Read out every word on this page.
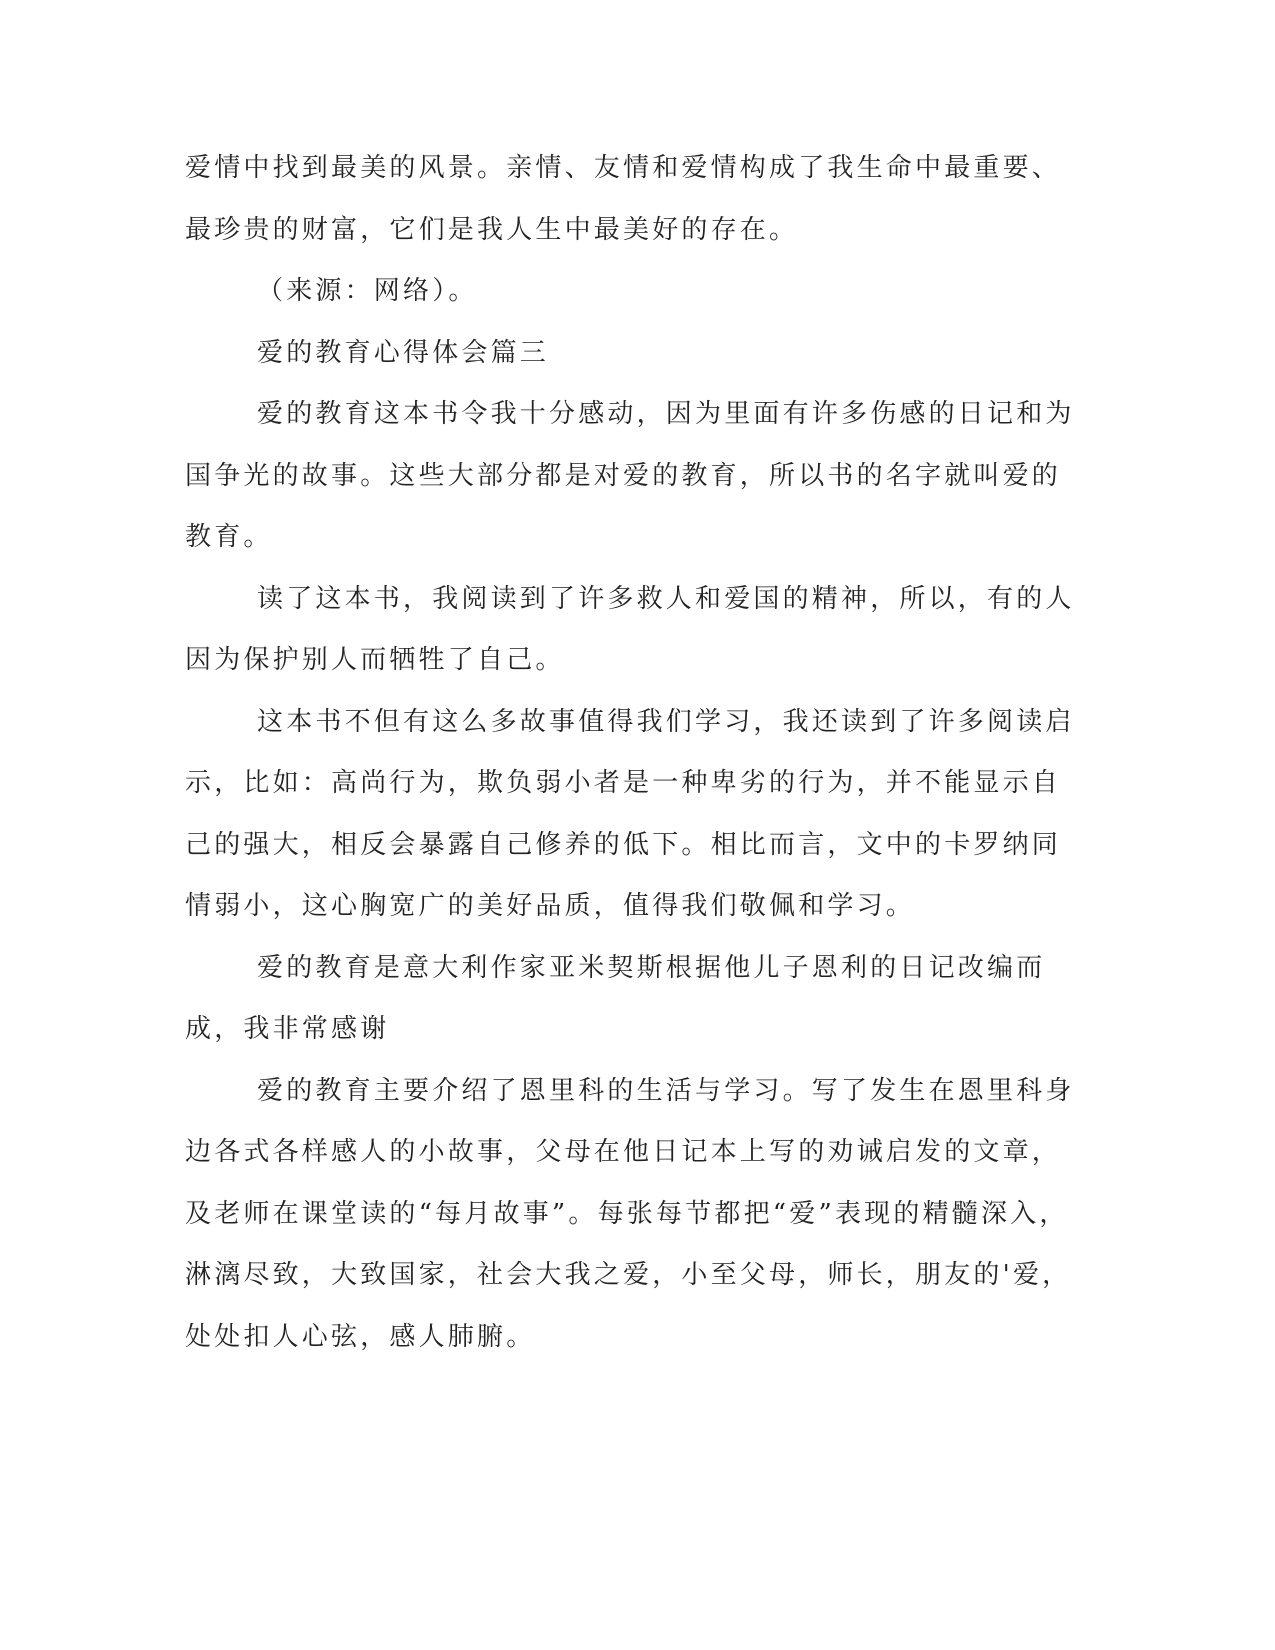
爱情中找到最美的风景。亲情、友情和爱情构成了我生命中最重要、最珍贵的财富，它们是我人生中最美好的存在。

（来源：网络）。

爱的教育心得体会篇三

爱的教育这本书令我十分感动，因为里面有许多伤感的日记和为国争光的故事。这些大部分都是对爱的教育，所以书的名字就叫爱的教育。

读了这本书，我阅读到了许多救人和爱国的精神，所以，有的人因为保护别人而牺牲了自己。

这本书不但有这么多故事值得我们学习，我还读到了许多阅读启示，比如：高尚行为，欺负弱小者是一种卑劣的行为，并不能显示自己的强大，相反会暴露自己修养的低下。相比而言，文中的卡罗纳同情弱小，这心胸宽广的美好品质，值得我们敬佩和学习。

爱的教育是意大利作家亚米契斯根据他儿子恩利的日记改编而成，我非常感谢

爱的教育主要介绍了恩里科的生活与学习。写了发生在恩里科身边各式各样感人的小故事，父母在他日记本上写的劝诫启发的文章，及老师在课堂读的“每月故事”。每张每节都把“爱”表现的精髓深入，淋漓尽致，大致国家，社会大我之爱，小至父母，师长，朋友的'爱，处处扣人心弦，感人肺腑。
